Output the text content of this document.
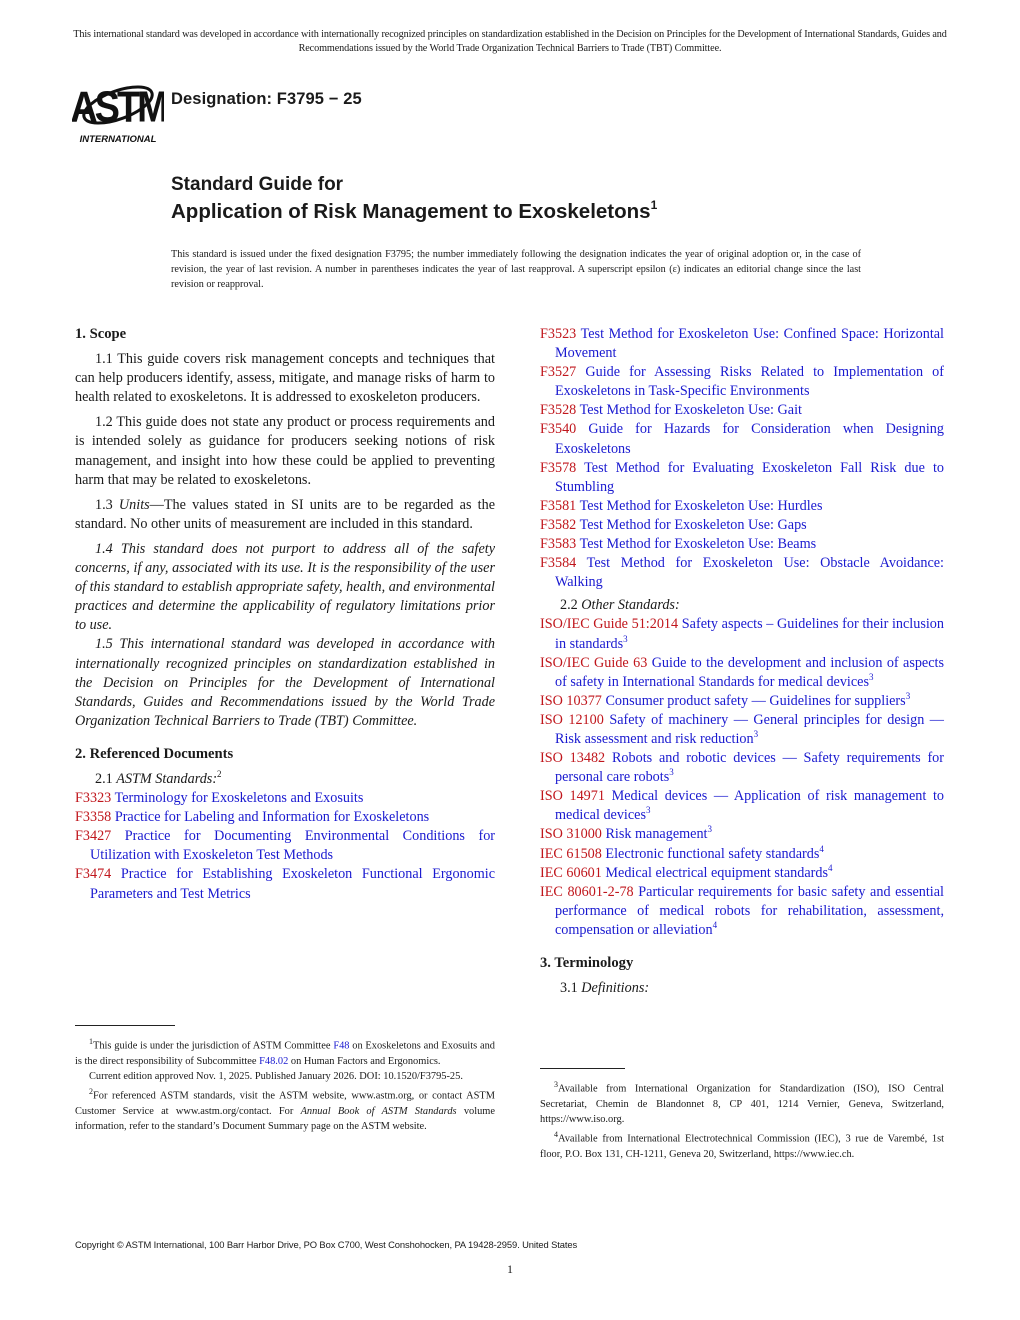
This international standard was developed in accordance with internationally recognized principles on standardization established in the Decision on Principles for the Development of International Standards, Guides and Recommendations issued by the World Trade Organization Technical Barriers to Trade (TBT) Committee.
ASTM
INTERNATIONAL
Designation: F3795 − 25
Standard Guide for
Application of Risk Management to Exoskeletons$^1$
This standard is issued under the fixed designation F3795; the number immediately following the designation indicates the year of original adoption or, in the case of revision, the year of last revision. A number in parentheses indicates the year of last reapproval. A superscript epsilon (ε) indicates an editorial change since the last revision or reapproval.
1. Scope

1.1 This guide covers risk management concepts and techniques that can help producers identify, assess, mitigate, and manage risks of harm to health related to exoskeletons. It is addressed to exoskeleton producers.

1.2 This guide does not state any product or process requirements and is intended solely as guidance for producers seeking notions of risk management, and insight into how these could be applied to preventing harm that may be related to exoskeletons.

1.3 Units—The values stated in SI units are to be regarded as the standard. No other units of measurement are included in this standard.

1.4 This standard does not purport to address all of the safety concerns, if any, associated with its use. It is the responsibility of the user of this standard to establish appropriate safety, health, and environmental practices and determine the applicability of regulatory limitations prior to use.

1.5 This international standard was developed in accordance with internationally recognized principles on standardization established in the Decision on Principles for the Development of International Standards, Guides and Recommendations issued by the World Trade Organization Technical Barriers to Trade (TBT) Committee.

2. Referenced Documents

2.1 ASTM Standards:$^2$

F3323 Terminology for Exoskeletons and Exosuits

F3358 Practice for Labeling and Information for Exoskeletons

F3427 Practice for Documenting Environmental Conditions for Utilization with Exoskeleton Test Methods

F3474 Practice for Establishing Exoskeleton Functional Ergonomic Parameters and Test Metrics

$^1$This guide is under the jurisdiction of ASTM Committee F48 on Exoskeletons and Exosuits and is the direct responsibility of Subcommittee F48.02 on Human Factors and Ergonomics.

Current edition approved Nov. 1, 2025. Published January 2026. DOI: 10.1520/F3795-25.

$^2$For referenced ASTM standards, visit the ASTM website, www.astm.org, or contact ASTM Customer Service at www.astm.org/contact. For Annual Book of ASTM Standards volume information, refer to the standard’s Document Summary page on the ASTM website.

F3523 Test Method for Exoskeleton Use: Confined Space: Horizontal Movement

F3527 Guide for Assessing Risks Related to Implementation of Exoskeletons in Task-Specific Environments

F3528 Test Method for Exoskeleton Use: Gait

F3540 Guide for Hazards for Consideration when Designing Exoskeletons

F3578 Test Method for Evaluating Exoskeleton Fall Risk due to Stumbling

F3581 Test Method for Exoskeleton Use: Hurdles

F3582 Test Method for Exoskeleton Use: Gaps

F3583 Test Method for Exoskeleton Use: Beams

F3584 Test Method for Exoskeleton Use: Obstacle Avoidance: Walking

2.2 Other Standards:

ISO/IEC Guide 51:2014 Safety aspects – Guidelines for their inclusion in standards$^3$

ISO/IEC Guide 63 Guide to the development and inclusion of aspects of safety in International Standards for medical devices$^3$

ISO 10377 Consumer product safety — Guidelines for suppliers$^3$

ISO 12100 Safety of machinery — General principles for design — Risk assessment and risk reduction$^3$

ISO 13482 Robots and robotic devices — Safety requirements for personal care robots$^3$

ISO 14971 Medical devices — Application of risk management to medical devices$^3$

ISO 31000 Risk management$^3$

IEC 61508 Electronic functional safety standards$^4$

IEC 60601 Medical electrical equipment standards$^4$

IEC 80601-2-78 Particular requirements for basic safety and essential performance of medical robots for rehabilitation, assessment, compensation or alleviation$^4$

3. Terminology

3.1 Definitions:

$^3$Available from International Organization for Standardization (ISO), ISO Central Secretariat, Chemin de Blandonnet 8, CP 401, 1214 Vernier, Geneva, Switzerland, https://www.iso.org.

$^4$Available from International Electrotechnical Commission (IEC), 3 rue de Varembé, 1st floor, P.O. Box 131, CH-1211, Geneva 20, Switzerland, https://www.iec.ch.

Copyright © ASTM International, 100 Barr Harbor Drive, PO Box C700, West Conshohocken, PA 19428-2959. United States
1
